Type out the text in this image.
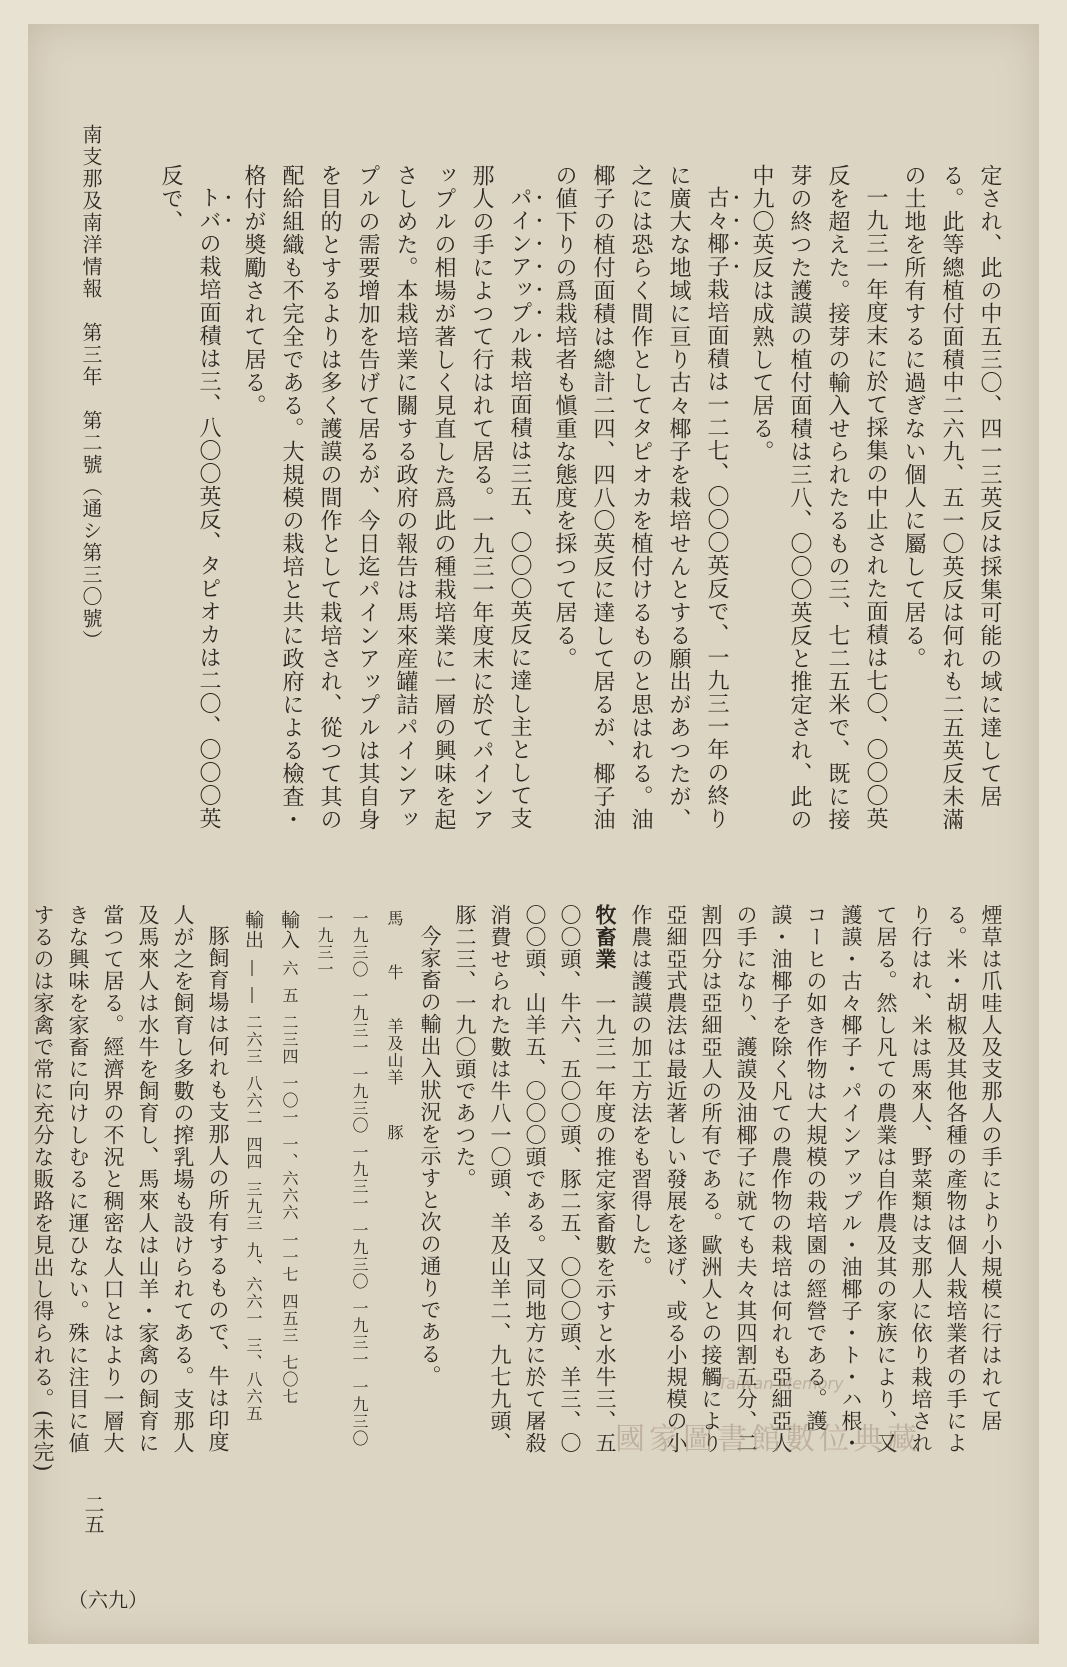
定され、此の中五三〇、四一三英反は採集可能の域に達して居る。此等總植付面積中二六九、五一〇英反は何れも二五英反未滿の土地を所有するに過ぎない個人に屬して居る。

一九三一年度末に於て採集の中止された面積は七〇、〇〇〇英反を超えた。接芽の輸入せられたるもの三、七二五米で、既に接芽の終つた護謨の植付面積は三八、〇〇〇英反と推定され、此の中九〇英反は成熟して居る。

古々椰子栽培面積は一二七、〇〇〇英反で、一九三一年の終りに廣大な地域に亘り古々椰子を栽培せんとする願出があつたが、之には恐らく間作としてタピオカを植付けるものと思はれる。油椰子の植付面積は總計二四、四八〇英反に達して居るが、椰子油の値下りの爲栽培者も愼重な態度を採つて居る。

パインアップル栽培面積は三五、〇〇〇英反に達し主として支那人の手によつて行はれて居る。一九三一年度末に於てパインアップルの相場が著しく見直した爲此の種栽培業に一層の興味を起さしめた。本栽培業に關する政府の報告は馬來産罐詰パインアップルの需要增加を告げて居るが、今日迄パインアップルは其自身を目的とするよりは多く護謨の間作として栽培され、從つて其の配給組織も不完全である。大規模の栽培と共に政府による檢査・格付が奬勵されて居る。

トバの栽培面積は三、八〇〇英反、タピオカは二〇、〇〇〇英反で、

煙草は爪哇人及支那人の手により小規模に行はれて居る。米・胡椒及其他各種の產物は個人栽培業者の手により行はれ、米は馬來人、野菜類は支那人に依り栽培されて居る。然し凡ての農業は自作農及其の家族により、又護謨・古々椰子・パインアップル・油椰子・ト・ハ根・コーヒの如き作物は大規模の栽培園の經營である。護謨・油椰子を除く凡ての農作物の栽培は何れも亞細亞人の手になり、護謨及油椰子に就ても夫々其四割五分、二割四分は亞細亞人の所有である。歐洲人との接觸により亞細亞式農法は最近著しい發展を遂げ、或る小規模の小作農は護謨の加工方法をも習得した。

牧畜業　一九三一年度の推定家畜數を示すと水牛三、五〇〇頭、牛六、五〇〇頭、豚二五、〇〇〇頭、羊三、〇〇〇頭、山羊五、〇〇〇頭である。又同地方に於て屠殺消費せられた數は牛八一〇頭、羊及山羊二、九七九頭、豚二三、一九〇頭であつた。

今家畜の輸出入狀況を示すと次の通りである。

馬 　 牛 　 羊及山羊 　 豚
一九三〇 一九三一 一九三〇 一九三一 一九三〇 一九三一 一九三〇 一九三一
輸入 六 五 二三四 一〇一 一、六六六 一一七 四五三 七〇七
輸出 ― ― 二六三 八六二 四四 三九三 九、六六一 三、八六五

豚飼育場は何れも支那人の所有するもので、牛は印度人が之を飼育し多數の搾乳場も設けられてある。支那人及馬來人は水牛を飼育し、馬來人は山羊・家禽の飼育に當つて居る。經濟界の不況と稠密な人口とはより一層大きな興味を家畜に向けしむるに運ひない。殊に注目に値するのは家禽で常に充分な販路を見出し得られる。(未完)

南支那及南洋情報　第三年　第二號（通シ第三〇號）
二五
（六九）
Taiwan Memory
國家圖書館數位典藏
